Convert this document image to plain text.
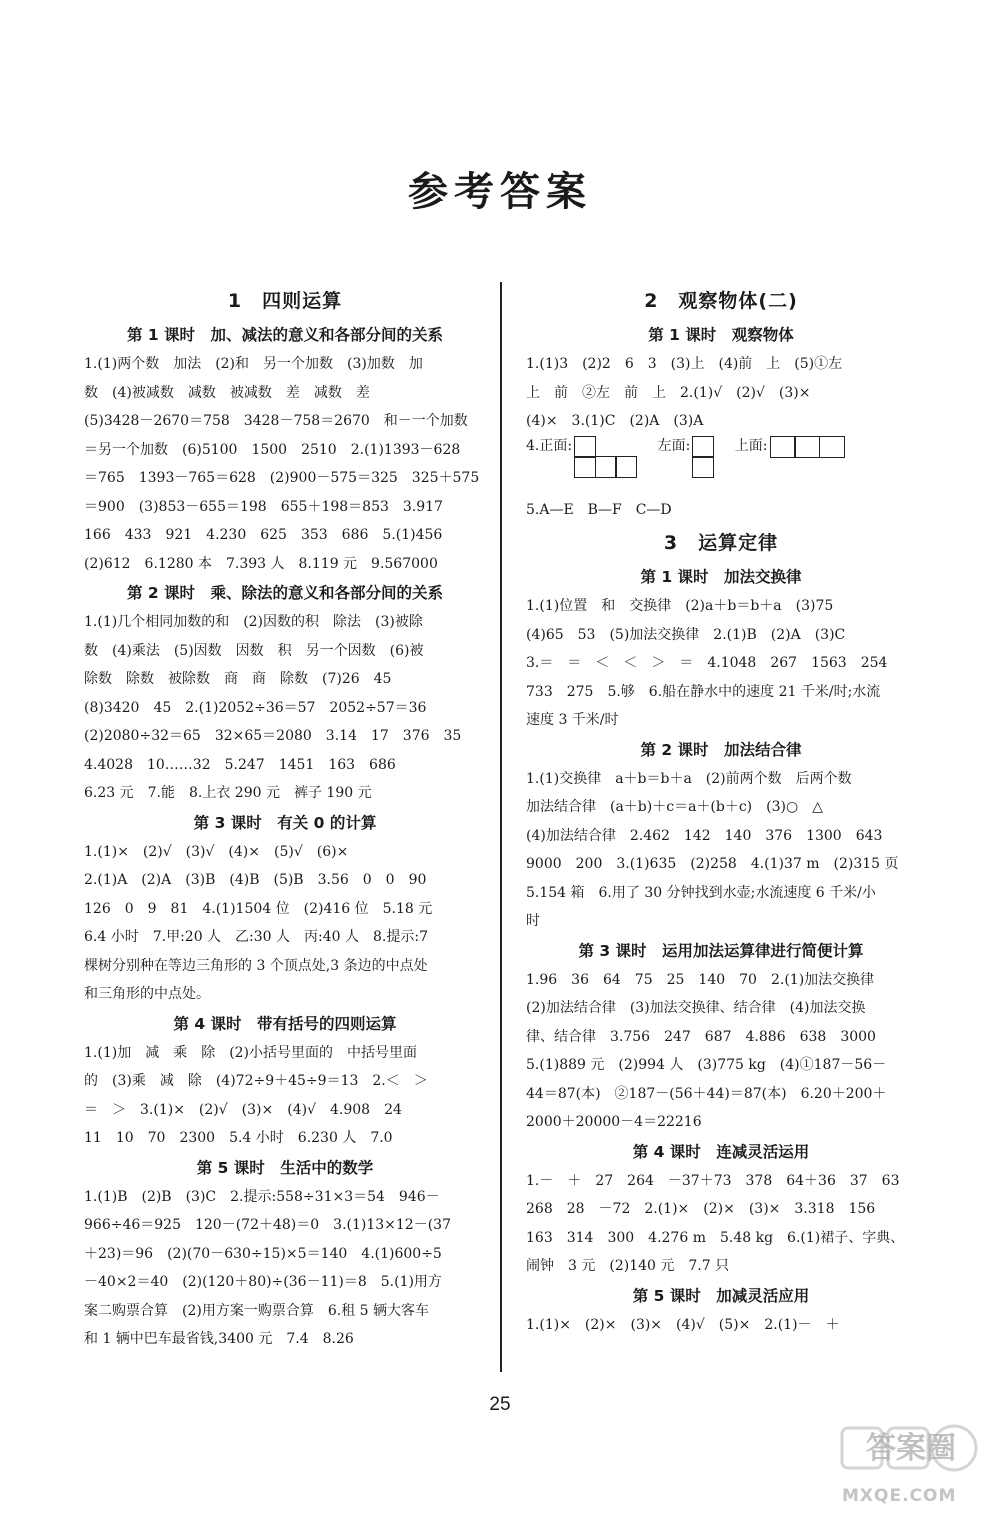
参考答案
1　四则运算
第 1 课时　加、减法的意义和各部分间的关系
1.(1)两个数　加法　(2)和　另一个加数　(3)加数　加
数　(4)被减数　减数　被减数　差　减数　差
(5)3428－2670＝758　3428－758＝2670　和－一个加数
＝另一个加数　(6)5100　1500　2510　2.(1)1393－628
＝765　1393－765＝628　(2)900－575＝325　325＋575
＝900　(3)853－655＝198　655＋198＝853　3.917
166　433　921　4.230　625　353　686　5.(1)456
(2)612　6.1280 本　7.393 人　8.119 元　9.567000
第 2 课时　乘、除法的意义和各部分间的关系
1.(1)几个相同加数的和　(2)因数的积　除法　(3)被除
数　(4)乘法　(5)因数　因数　积　另一个因数　(6)被
除数　除数　被除数　商　商　除数　(7)26　45
(8)3420　45　2.(1)2052÷36＝57　2052÷57＝36
(2)2080÷32＝65　32×65＝2080　3.14　17　376　35
4.4028　10……32　5.247　1451　163　686
6.23 元　7.能　8.上衣 290 元　裤子 190 元
第 3 课时　有关 0 的计算
1.(1)×　(2)√　(3)√　(4)×　(5)√　(6)×
2.(1)A　(2)A　(3)B　(4)B　(5)B　3.56　0　0　90
126　0　9　81　4.(1)1504 位　(2)416 位　5.18 元
6.4 小时　7.甲:20 人　乙:30 人　丙:40 人　8.提示:7
棵树分别种在等边三角形的 3 个顶点处,3 条边的中点处
和三角形的中点处。
第 4 课时　带有括号的四则运算
1.(1)加　减　乘　除　(2)小括号里面的　中括号里面
的　(3)乘　减　除　(4)72÷9＋45÷9＝13　2.＜　＞
＝　＞　3.(1)×　(2)√　(3)×　(4)√　4.908　24
11　10　70　2300　5.4 小时　6.230 人　7.0
第 5 课时　生活中的数学
1.(1)B　(2)B　(3)C　2.提示:558÷31×3＝54　946－
966÷46＝925　120－(72＋48)＝0　3.(1)13×12－(37
＋23)＝96　(2)(70－630÷15)×5＝140　4.(1)600÷5
－40×2＝40　(2)(120＋80)÷(36－11)＝8　5.(1)用方
案二购票合算　(2)用方案一购票合算　6.租 5 辆大客车
和 1 辆中巴车最省钱,3400 元　7.4　8.26
2　观察物体(二)
第 1 课时　观察物体
1.(1)3　(2)2　6　3　(3)上　(4)前　上　(5)①左
上　前　②左　前　上　2.(1)√　(2)√　(3)×
(4)×　3.(1)C　(2)A　(3)A
4.正面:	左面:	上面:
5.A—E　B—F　C—D
3　运算定律
第 1 课时　加法交换律
1.(1)位置　和　交换律　(2)a＋b＝b＋a　(3)75
(4)65　53　(5)加法交换律　2.(1)B　(2)A　(3)C
3.＝　＝　＜　＜　＞　＝　4.1048　267　1563　254
733　275　5.够　6.船在静水中的速度 21 千米/时;水流
速度 3 千米/时
第 2 课时　加法结合律
1.(1)交换律　a＋b＝b＋a　(2)前两个数　后两个数
加法结合律　(a＋b)＋c＝a＋(b＋c)　(3)○　△
(4)加法结合律　2.462　142　140　376　1300　643
9000　200　3.(1)635　(2)258　4.(1)37 m　(2)315 页
5.154 箱　6.用了 30 分钟找到水壶;水流速度 6 千米/小
时
第 3 课时　运用加法运算律进行简便计算
1.96　36　64　75　25　140　70　2.(1)加法交换律
(2)加法结合律　(3)加法交换律、结合律　(4)加法交换
律、结合律　3.756　247　687　4.886　638　3000
5.(1)889 元　(2)994 人　(3)775 kg　(4)①187－56－
44＝87(本)　②187－(56＋44)＝87(本)　6.20＋200＋
2000＋20000－4＝22216
第 4 课时　连减灵活运用
1.－　＋　27　264　－37＋73　378　64＋36　37　63
268　28　－72　2.(1)×　(2)×　(3)×　3.318　156
163　314　300　4.276 m　5.48 kg　6.(1)裙子、字典、
闹钟　3 元　(2)140 元　7.7 只
第 5 课时　加减灵活应用
1.(1)×　(2)×　(3)×　(4)√　(5)×　2.(1)－　＋
25
答案圈
MXQE.COM
